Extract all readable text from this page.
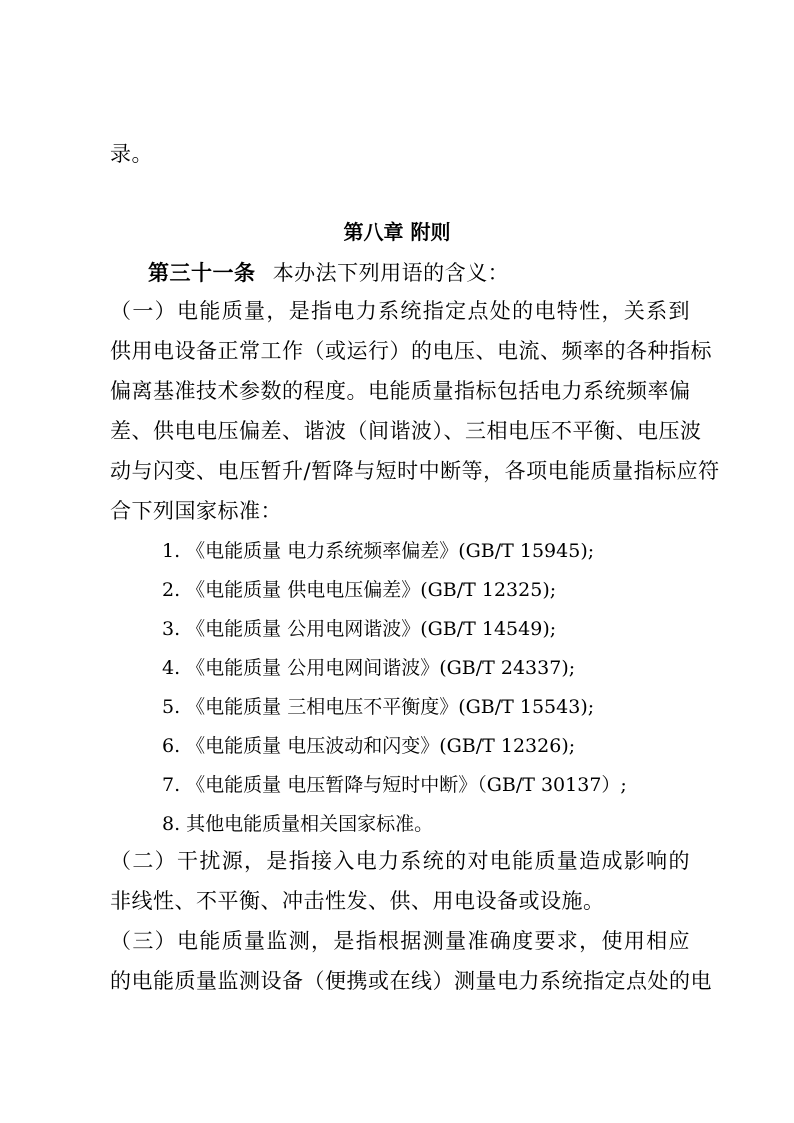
录。
第八章 附则
第三十一条 本办法下列用语的含义：
（一）电能质量，是指电力系统指定点处的电特性，关系到
供用电设备正常工作（或运行）的电压、电流、频率的各种指标
偏离基准技术参数的程度。电能质量指标包括电力系统频率偏
差、供电电压偏差、谐波（间谐波）、三相电压不平衡、电压波
动与闪变、电压暂升/暂降与短时中断等，各项电能质量指标应符
合下列国家标准：
1. 《电能质量 电力系统频率偏差》(GB/T 15945);
2. 《电能质量 供电电压偏差》(GB/T 12325);
3. 《电能质量 公用电网谐波》(GB/T 14549);
4. 《电能质量 公用电网间谐波》(GB/T 24337);
5. 《电能质量 三相电压不平衡度》(GB/T 15543);
6. 《电能质量 电压波动和闪变》(GB/T 12326);
7. 《电能质量 电压暂降与短时中断》（GB/T 30137）;
8. 其他电能质量相关国家标准。
（二）干扰源，是指接入电力系统的对电能质量造成影响的
非线性、不平衡、冲击性发、供、用电设备或设施。
（三）电能质量监测，是指根据测量准确度要求，使用相应
的电能质量监测设备（便携或在线）测量电力系统指定点处的电
